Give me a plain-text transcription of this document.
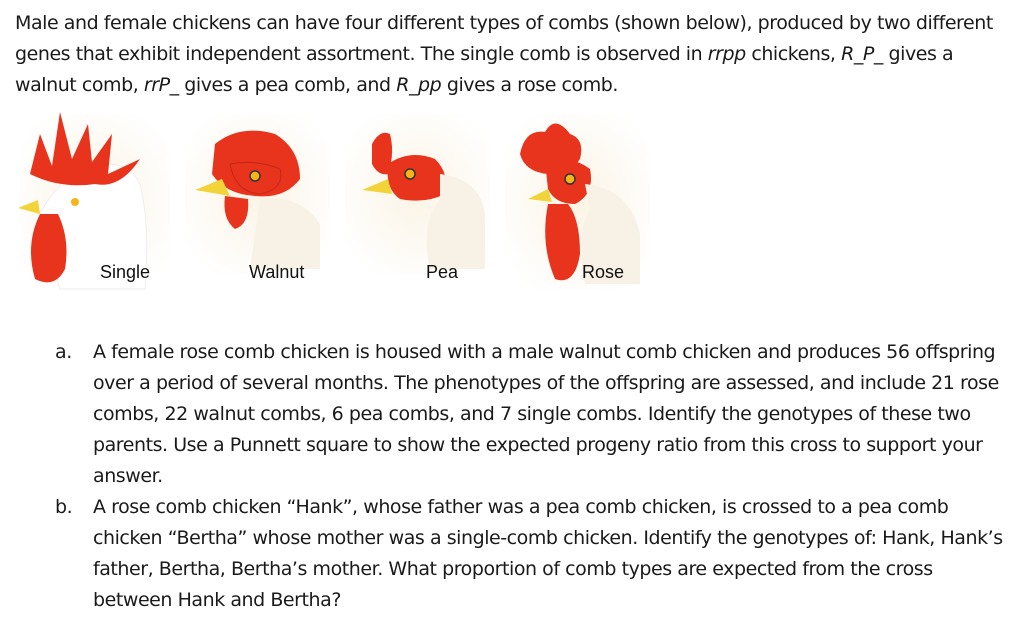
Male and female chickens can have four different types of combs (shown below), produced by two different genes that exhibit independent assortment. The single comb is observed in rrpp chickens, R_P_ gives a walnut comb, rrP_ gives a pea comb, and R_pp gives a rose comb.
Single	Walnut	Pea	Rose
a.	A female rose comb chicken is housed with a male walnut comb chicken and produces 56 offspring over a period of several months. The phenotypes of the offspring are assessed, and include 21 rose combs, 22 walnut combs, 6 pea combs, and 7 single combs. Identify the genotypes of these two parents. Use a Punnett square to show the expected progeny ratio from this cross to support your answer.
b.	A rose comb chicken “Hank”, whose father was a pea comb chicken, is crossed to a pea comb chicken “Bertha” whose mother was a single-comb chicken. Identify the genotypes of: Hank, Hank’s father, Bertha, Bertha’s mother. What proportion of comb types are expected from the cross between Hank and Bertha?
